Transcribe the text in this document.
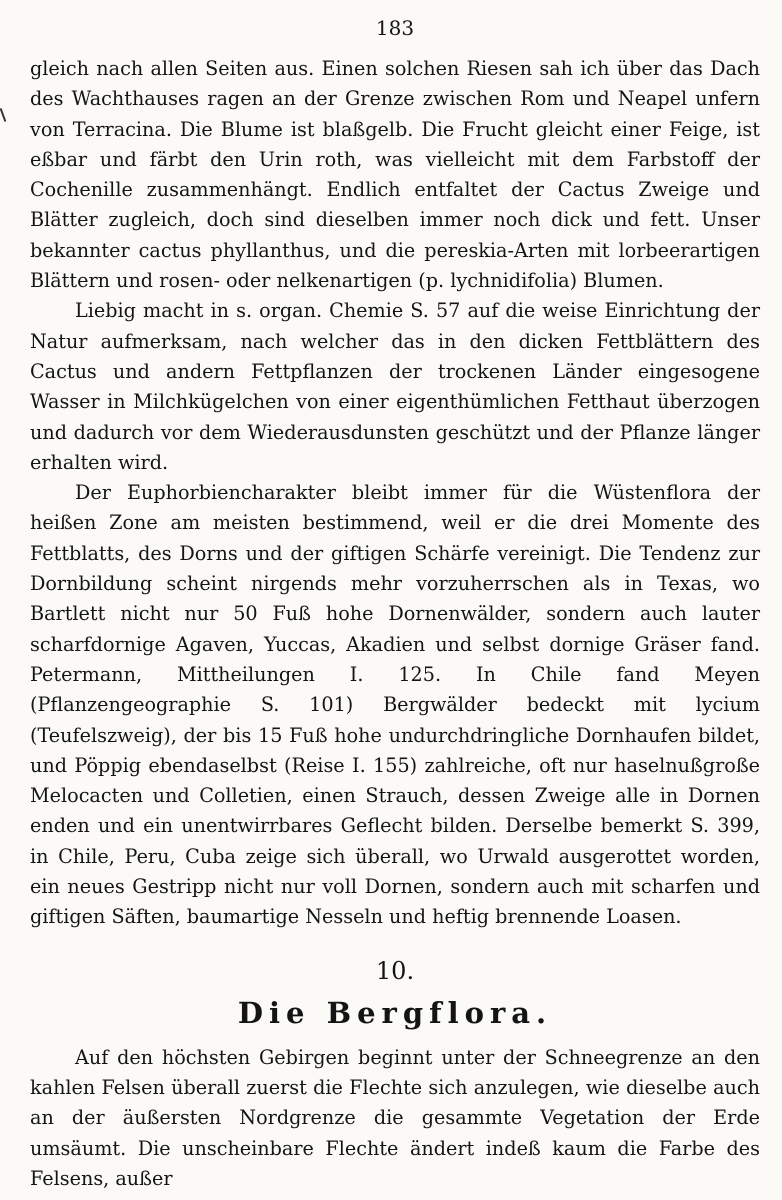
183

gleich nach allen Seiten aus. Einen solchen Riesen sah ich über das Dach des Wachthauses ragen an der Grenze zwischen Rom und Neapel unfern von Terracina. Die Blume ist blaßgelb. Die Frucht gleicht einer Feige, ist eßbar und färbt den Urin roth, was vielleicht mit dem Farbstoff der Cochenille zusammenhängt. Endlich entfaltet der Cactus Zweige und Blätter zugleich, doch sind dieselben immer noch dick und fett. Unser bekannter cactus phyllanthus, und die pereskia-Arten mit lorbeerartigen Blättern und rosen- oder nelkenartigen (p. lychnidifolia) Blumen.

Liebig macht in s. organ. Chemie S. 57 auf die weise Einrichtung der Natur aufmerksam, nach welcher das in den dicken Fettblättern des Cactus und andern Fettpflanzen der trockenen Länder eingesogene Wasser in Milchkügelchen von einer eigenthümlichen Fetthaut überzogen und dadurch vor dem Wiederausdunsten geschützt und der Pflanze länger erhalten wird.

Der Euphorbiencharakter bleibt immer für die Wüstenflora der heißen Zone am meisten bestimmend, weil er die drei Momente des Fettblatts, des Dorns und der giftigen Schärfe vereinigt. Die Tendenz zur Dornbildung scheint nirgends mehr vorzuherrschen als in Texas, wo Bartlett nicht nur 50 Fuß hohe Dornenwälder, sondern auch lauter scharfdornige Agaven, Yuccas, Akadien und selbst dornige Gräser fand. Petermann, Mittheilungen I. 125. In Chile fand Meyen (Pflanzengeographie S. 101) Bergwälder bedeckt mit lycium (Teufelszweig), der bis 15 Fuß hohe undurchdringliche Dornhaufen bildet, und Pöppig ebendaselbst (Reise I. 155) zahlreiche, oft nur haselnußgroße Melocacten und Colletien, einen Strauch, dessen Zweige alle in Dornen enden und ein unentwirrbares Geflecht bilden. Derselbe bemerkt S. 399, in Chile, Peru, Cuba zeige sich überall, wo Urwald ausgerottet worden, ein neues Gestripp nicht nur voll Dornen, sondern auch mit scharfen und giftigen Säften, baumartige Nesseln und heftig brennende Loasen.

10.
Die Bergflora.

Auf den höchsten Gebirgen beginnt unter der Schneegrenze an den kahlen Felsen überall zuerst die Flechte sich anzulegen, wie dieselbe auch an der äußersten Nordgrenze die gesammte Vegetation der Erde umsäumt. Die unscheinbare Flechte ändert indeß kaum die Farbe des Felsens, außer
